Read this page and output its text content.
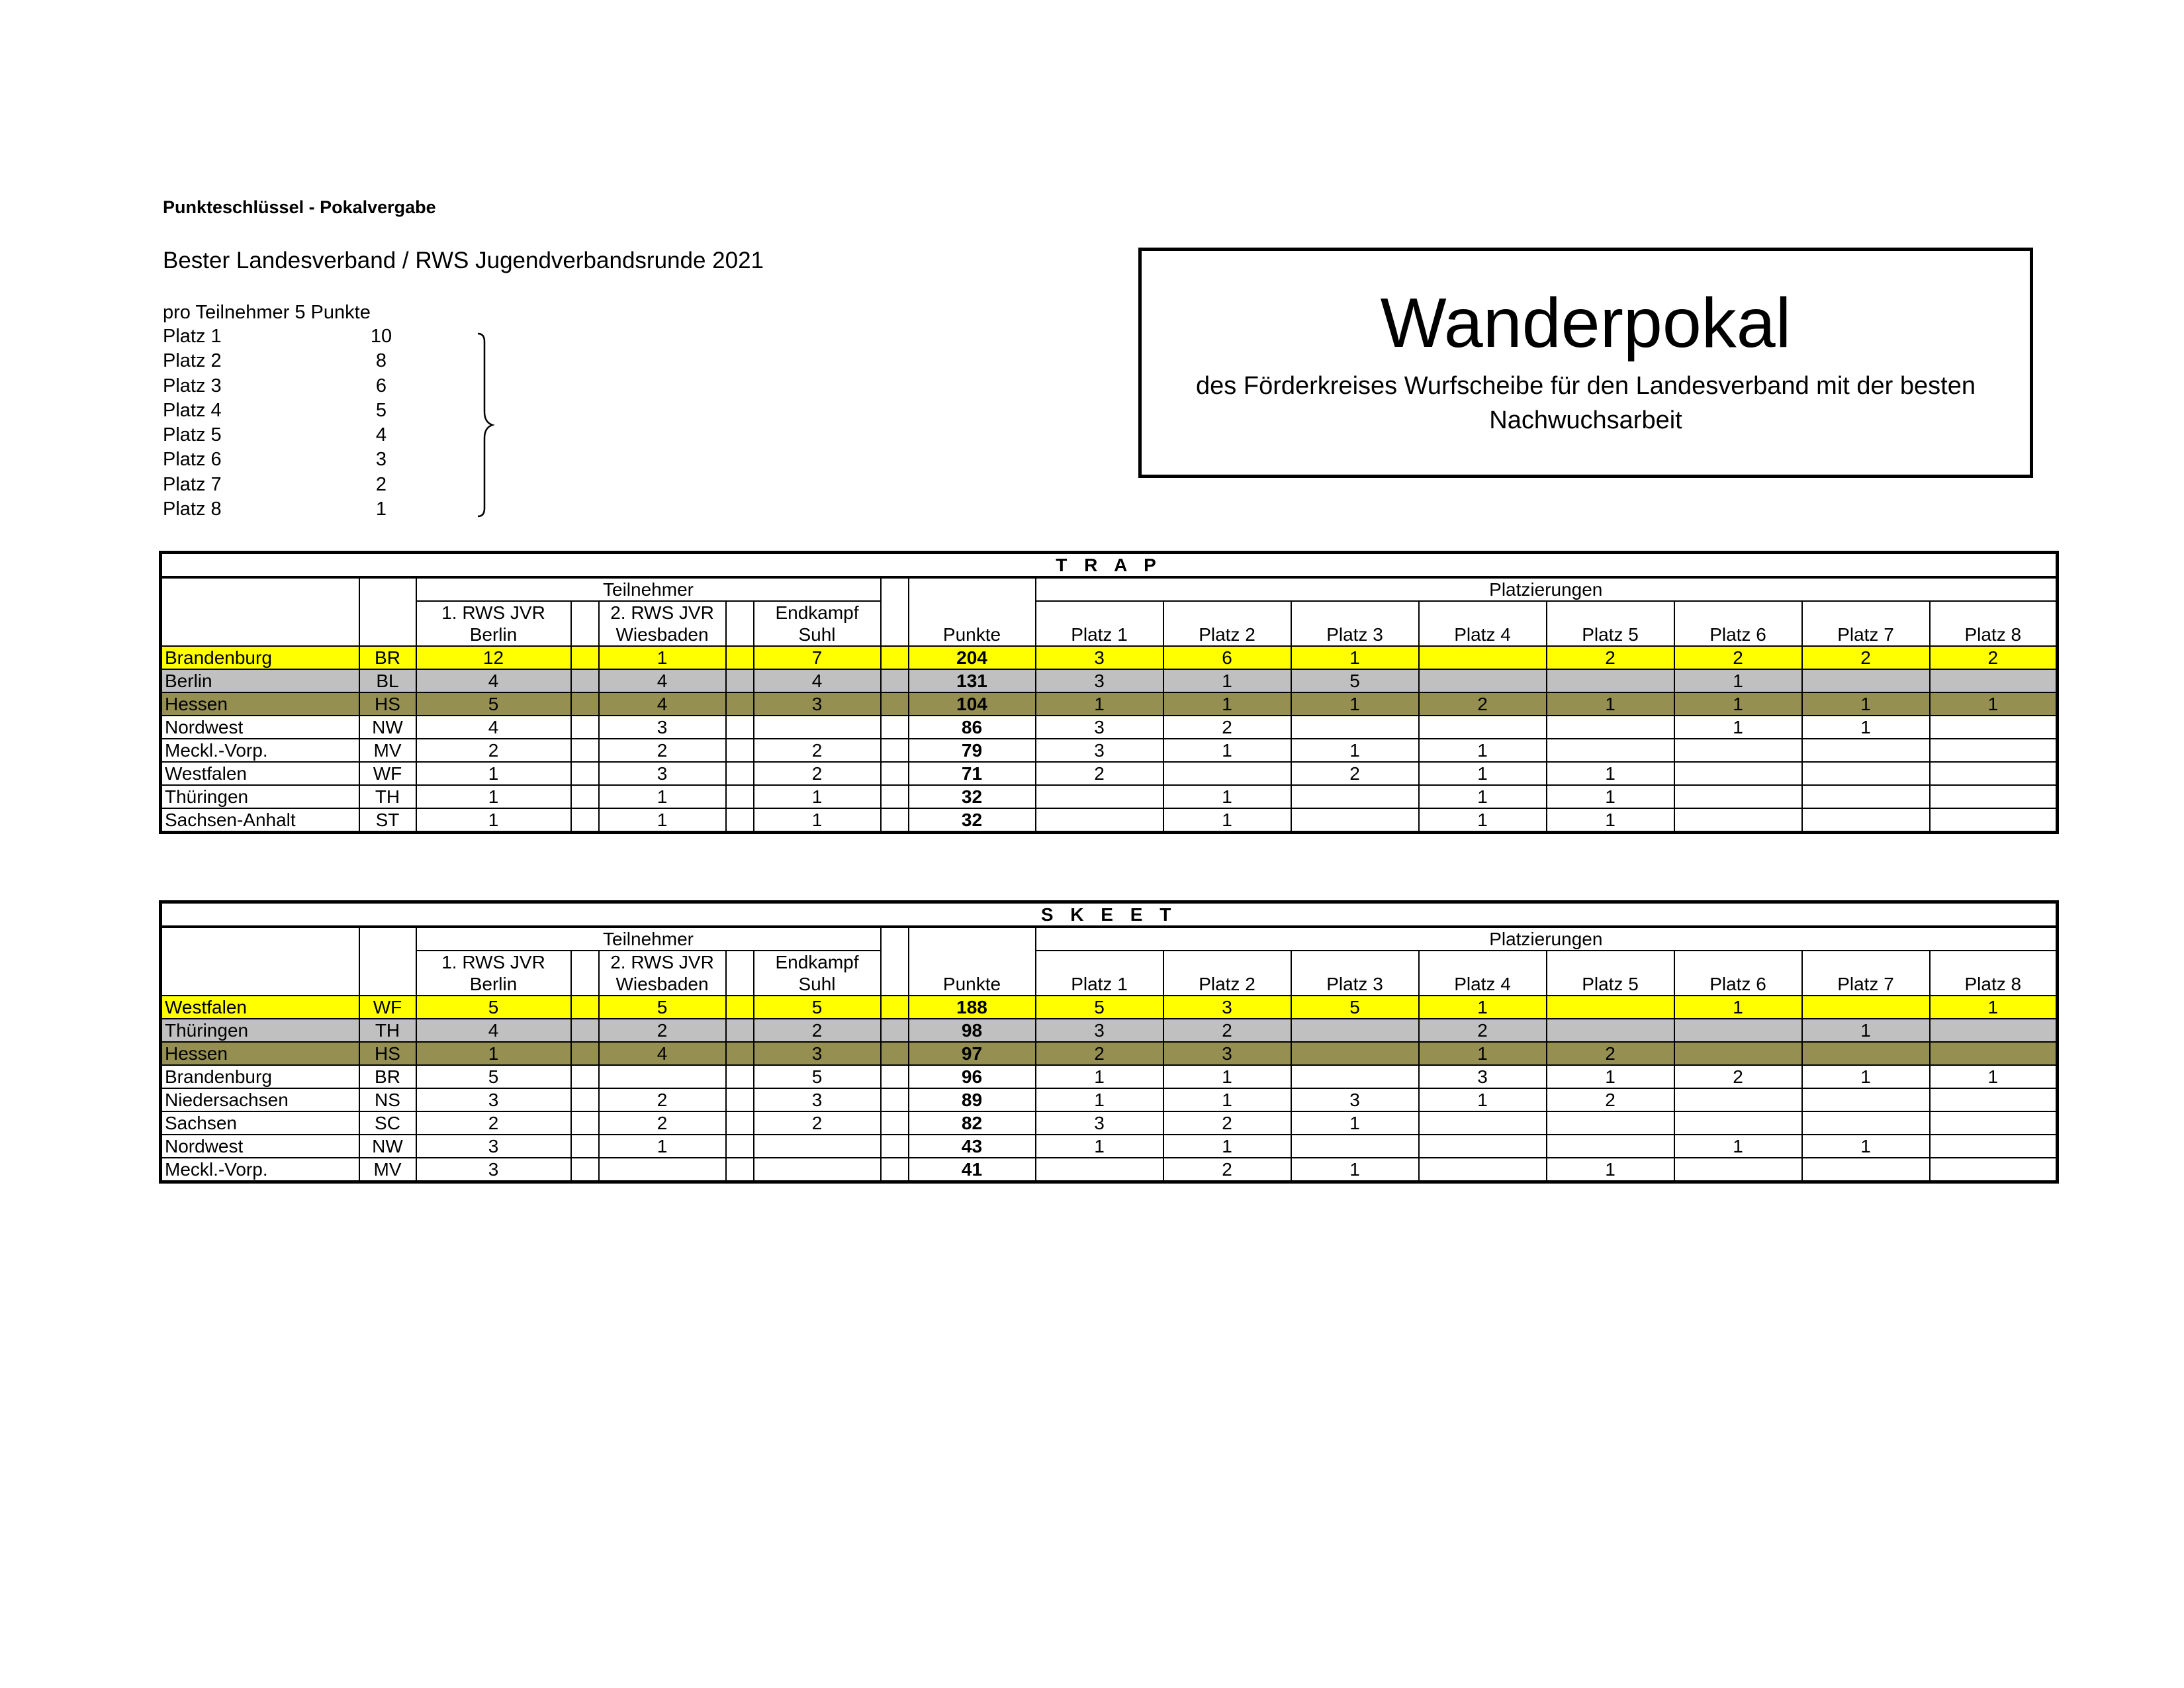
Punkteschlüssel - Pokalvergabe
Bester Landesverband / RWS Jugendverbandsrunde 2021
pro Teilnehmer 5 Punkte
Platz 1	10
Platz 2	8
Platz 3	6
Platz 4	5
Platz 5	4
Platz 6	3
Platz 7	2
Platz 8	1
Wanderpokal
des Förderkreises Wurfscheibe für den Landesverband mit der besten Nachwuchsarbeit
T R A P																
		Teilnehmer							Platzierungen							
		1. RWS JVR		2. RWS JVR		Endkampf										
		Berlin		Wiesbaden		Suhl		Punkte	Platz 1	Platz 2	Platz 3	Platz 4	Platz 5	Platz 6	Platz 7	Platz 8
Brandenburg	BR	12		1		7		204	3	6	1		2	2	2	2
Berlin	BL	4		4		4		131	3	1	5			1		
Hessen	HS	5		4		3		104	1	1	1	2	1	1	1	1
Nordwest	NW	4		3				86	3	2				1	1	
Meckl.-Vorp.	MV	2		2		2		79	3	1	1	1				
Westfalen	WF	1		3		2		71	2		2	1	1			
Thüringen	TH	1		1		1		32		1		1	1			
Sachsen-Anhalt	ST	1		1		1		32		1		1	1			
S K E E T																
		Teilnehmer							Platzierungen							
		1. RWS JVR		2. RWS JVR		Endkampf										
		Berlin		Wiesbaden		Suhl		Punkte	Platz 1	Platz 2	Platz 3	Platz 4	Platz 5	Platz 6	Platz 7	Platz 8
Westfalen	WF	5		5		5		188	5	3	5	1		1		1
Thüringen	TH	4		2		2		98	3	2		2			1	
Hessen	HS	1		4		3		97	2	3		1	2			
Brandenburg	BR	5				5		96	1	1		3	1	2	1	1
Niedersachsen	NS	3		2		3		89	1	1	3	1	2			
Sachsen	SC	2		2		2		82	3	2	1					
Nordwest	NW	3		1				43	1	1				1	1	
Meckl.-Vorp.	MV	3						41		2	1		1			
